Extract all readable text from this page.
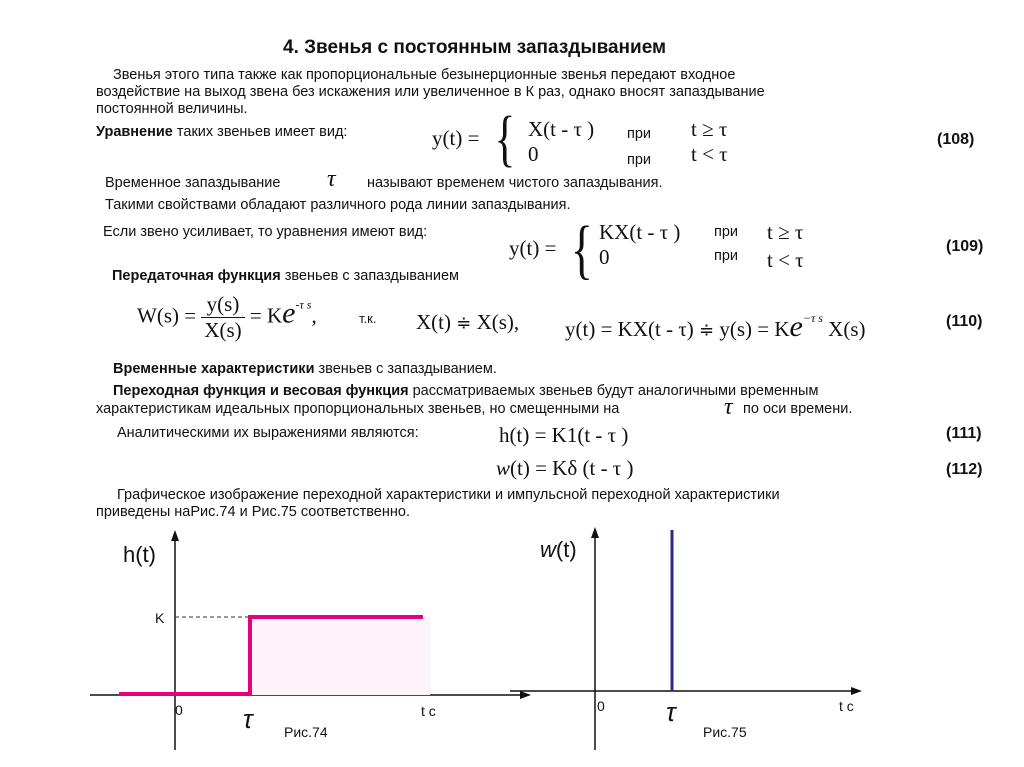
4. Звенья с постоянным запаздыванием
Звенья этого типа также как пропорциональные безынерционные звенья передают входное
воздействие на выход звена без искажения или увеличенное в К раз, однако вносят запаздывание
постоянной величины.
Уравнение таких звеньев имеет вид:	y(t) = { X(t - τ )
0
при
при
t ≥ τ
t < τ
(108)
Временное запаздывание τ называют временем чистого запаздывания.
Такими свойствами обладают различного рода линии запаздывания.
Если звено усиливает, то уравнения имеют вид:
y(t) = { KX(t - τ )
0
при
при
t ≥ τ
t < τ
(109)
Передаточная функция звеньев с запаздыванием
$W(s) = \frac{y(s)}{X(s)} = Ke^{-\tau s}$,	т.к. X(t) ≑ X(s), y(t) = KX(t - τ) ≑ $y(s) = Ke^{-\tau s}$ X(s)	(110)
Временные характеристики звеньев с запаздыванием.
Переходная функция и весовая функция рассматриваемых звеньев будут аналогичными временным
характеристикам идеальных пропорциональных звеньев, но смещенными на	τ по оси времени.
Аналитическими их выражениями являются:	h(t) = K1(t - τ )	(111)
w(t) = Kδ (t - τ )	(112)
Графическое изображение переходной характеристики и импульсной переходной характеристики
приведены наРис.74 и Рис.75 соответственно.
h(t)
K
0 τ	t c
Рис.74
w(t)
0 τ	t c
Рис.75
